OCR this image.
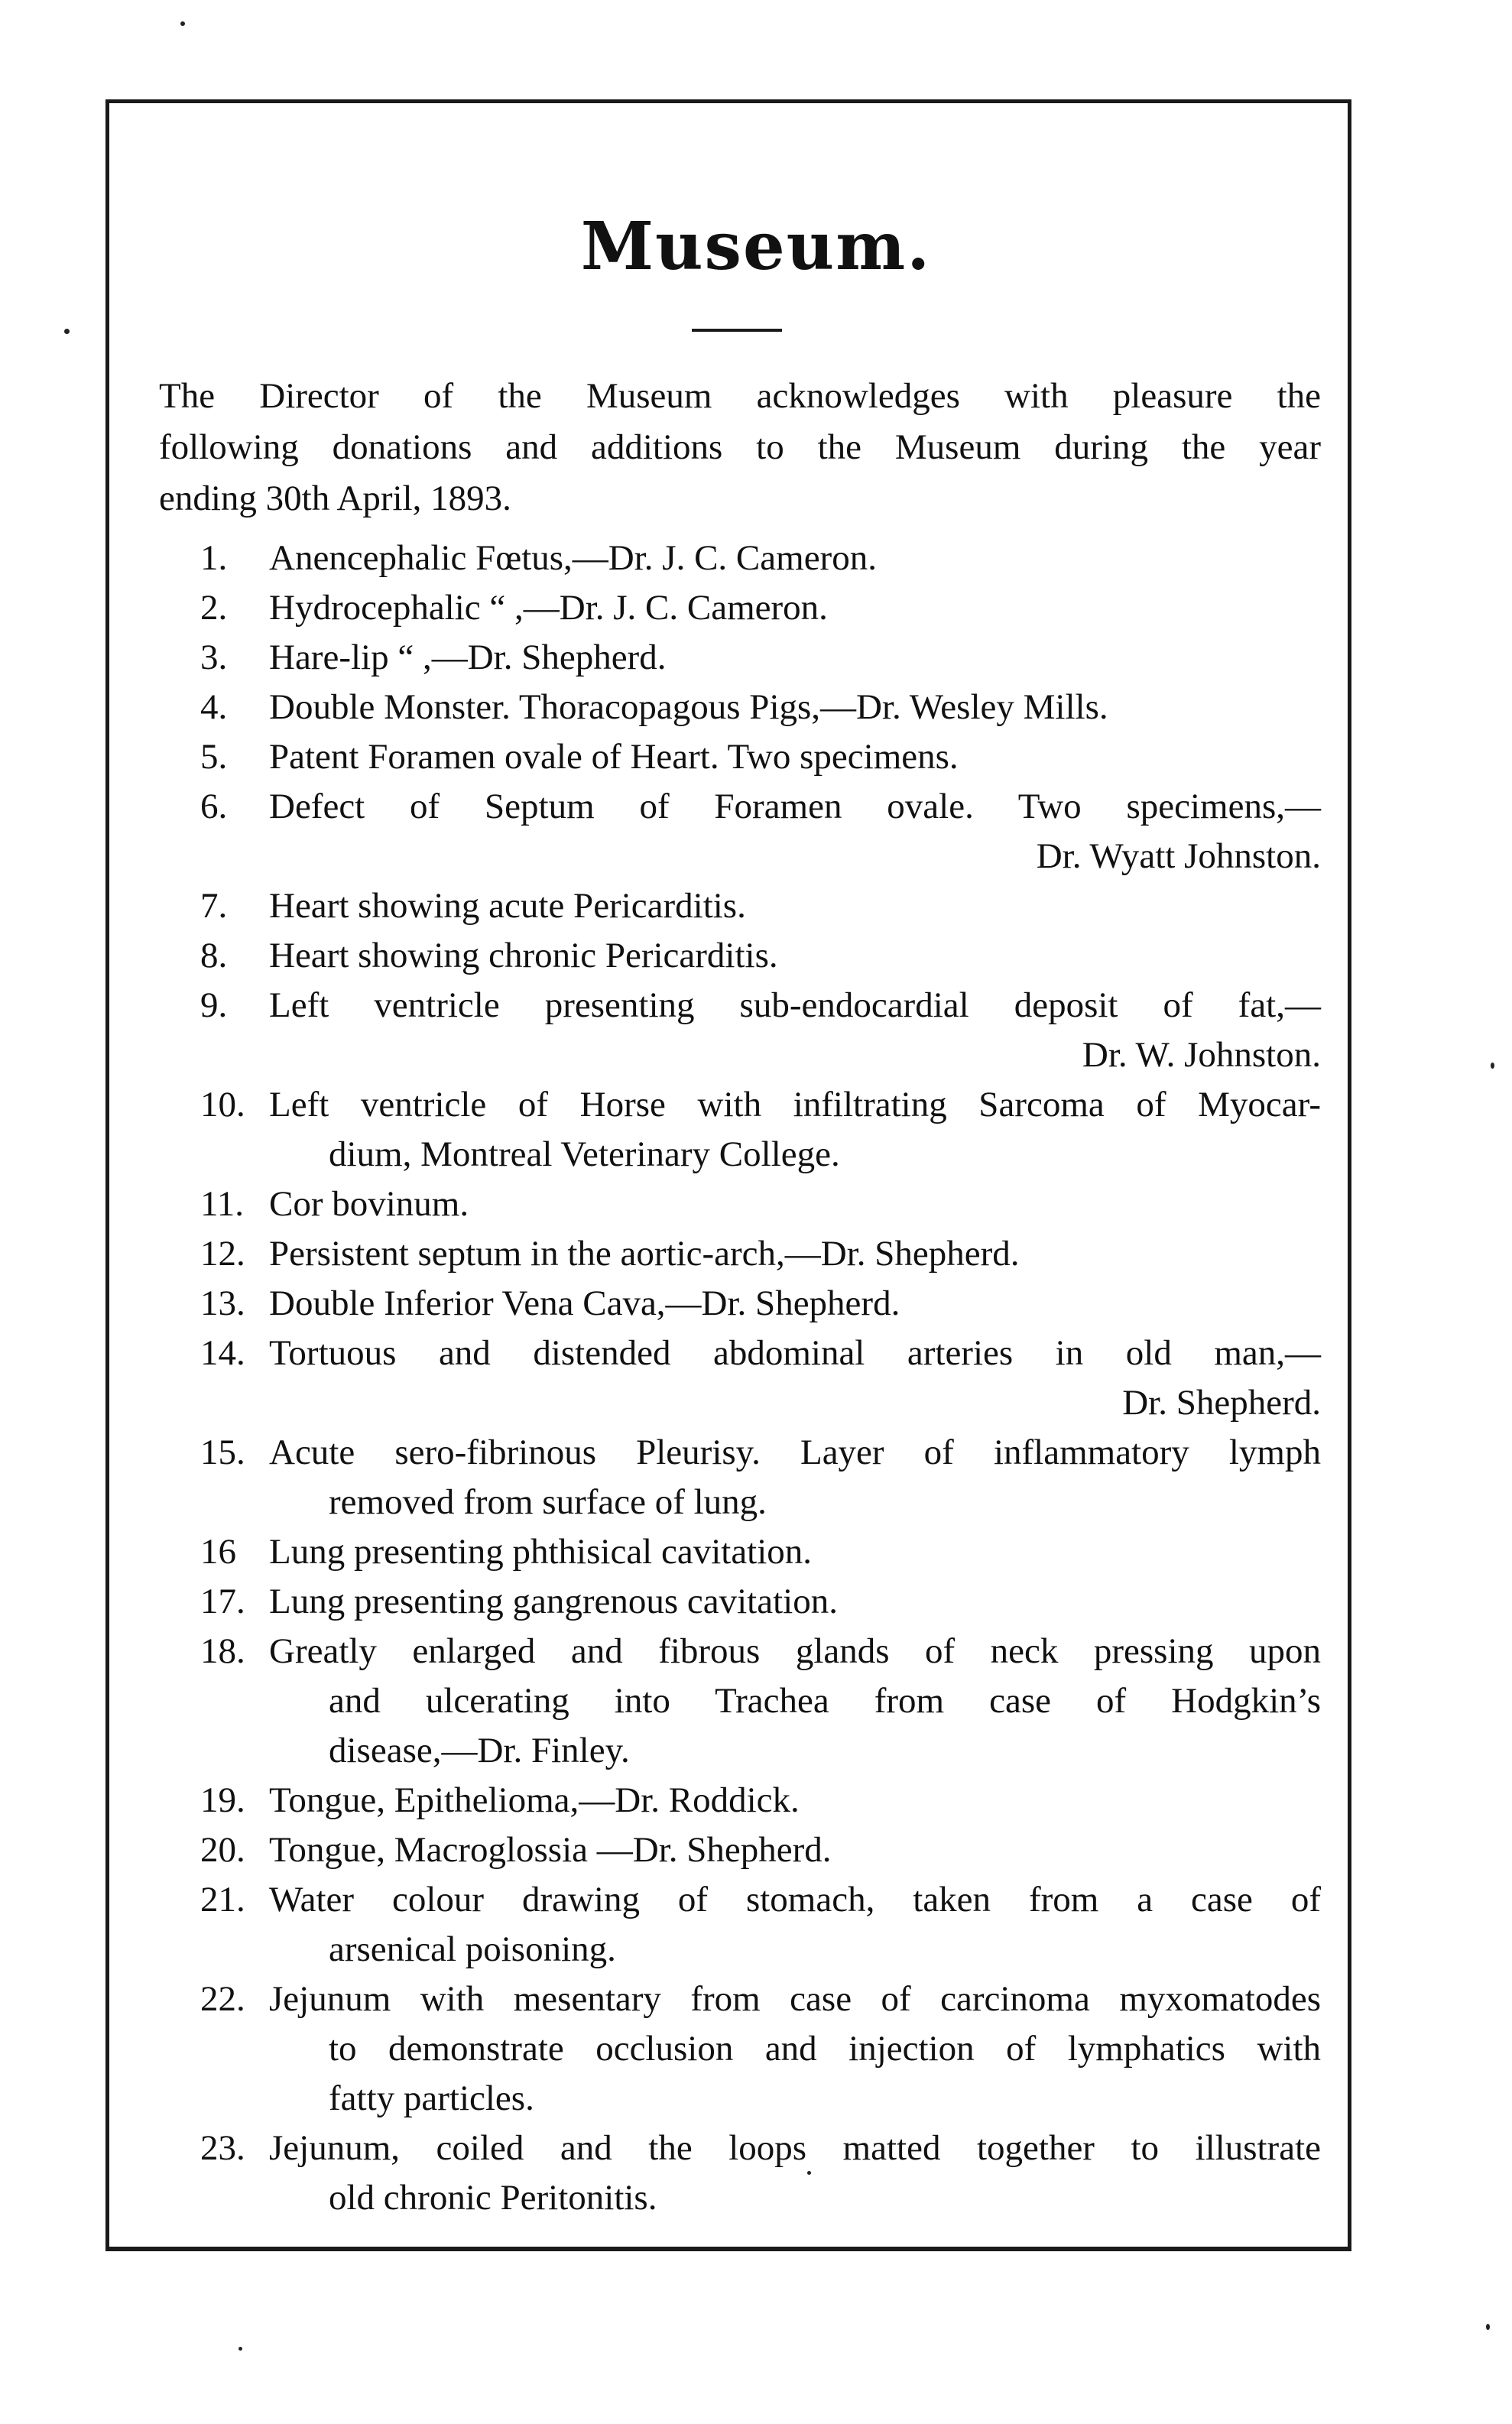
Museum.
The Director of the Museum acknowledges with pleasure the
following donations and additions to the Museum during the year
ending 30th April, 1893.
1.	Anencephalic Fœtus,—Dr. J. C. Cameron.
2.	Hydrocephalic “ ,—Dr. J. C. Cameron.
3.	Hare-lip “ ,—Dr. Shepherd.
4.	Double Monster. Thoracopagous Pigs,—Dr. Wesley Mills.
5.	Patent Foramen ovale of Heart. Two specimens.
6.	Defect of Septum of Foramen ovale. Two specimens,—
Dr. Wyatt Johnston.
7.	Heart showing acute Pericarditis.
8.	Heart showing chronic Pericarditis.
9.	Left ventricle presenting sub-endocardial deposit of fat,—
Dr. W. Johnston.
10. Left ventricle of Horse with infiltrating Sarcoma of Myocar-
dium, Montreal Veterinary College.
11. Cor bovinum.
12. Persistent septum in the aortic-arch,—Dr. Shepherd.
13. Double Inferior Vena Cava,—Dr. Shepherd.
14. Tortuous and distended abdominal arteries in old man,—
Dr. Shepherd.
15. Acute sero-fibrinous Pleurisy. Layer of inflammatory lymph
removed from surface of lung.
16 Lung presenting phthisical cavitation.
17. Lung presenting gangrenous cavitation.
18. Greatly enlarged and fibrous glands of neck pressing upon
and ulcerating into Trachea from case of Hodgkin’s
disease,—Dr. Finley.
19. Tongue, Epithelioma,—Dr. Roddick.
20. Tongue, Macroglossia —Dr. Shepherd.
21. Water colour drawing of stomach, taken from a case of
arsenical poisoning.
22. Jejunum with mesentary from case of carcinoma myxomatodes
to demonstrate occlusion and injection of lymphatics with
fatty particles.
23. Jejunum, coiled and the loops matted together to illustrate
old chronic Peritonitis.
